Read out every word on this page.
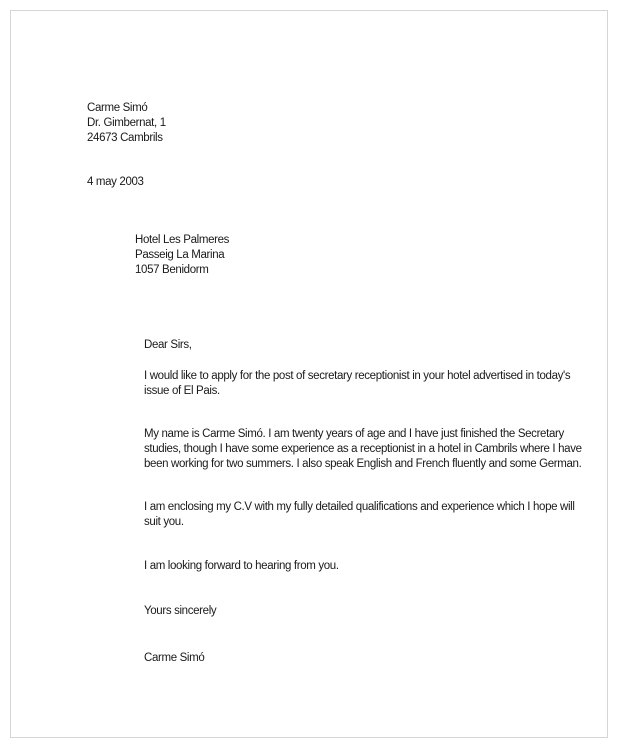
Carme Simó
Dr. Gimbernat, 1
24673 Cambrils
4 may 2003
Hotel Les Palmeres
Passeig La Marina
1057 Benidorm
Dear Sirs,
I would like to apply for the post of secretary receptionist in your hotel advertised in today's
issue of El Pais.
My name is Carme Simó. I am twenty years of age and I have just finished the Secretary
studies, though I have some experience as a receptionist in a hotel in Cambrils where I have
been working for two summers. I also speak English and French fluently and some German.
I am enclosing my C.V with my fully detailed qualifications and experience which I hope will
suit you.
I am looking forward to hearing from you.
Yours sincerely
Carme Simó
